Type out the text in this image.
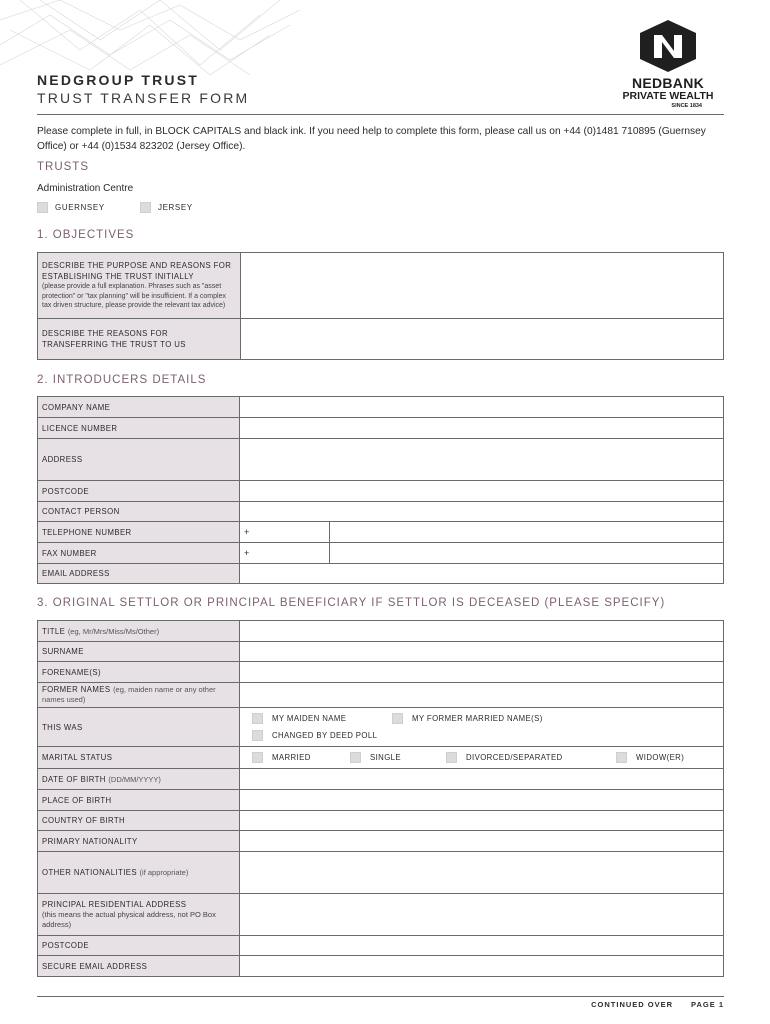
NEDBANK
PRIVATE WEALTH
SINCE 1834
NEDGROUP TRUST
TRUST TRANSFER FORM
Please complete in full, in BLOCK CAPITALS and black ink. If you need help to complete this form, please call us on +44 (0)1481 710895 (Guernsey Office) or +44 (0)1534 823202 (Jersey Office).
TRUSTS
Administration Centre
GUERNSEY	JERSEY
1. OBJECTIVES
DESCRIBE THE PURPOSE AND REASONS FOR ESTABLISHING THE TRUST INITIALLY
(please provide a full explanation. Phrases such as "asset protection" or "tax planning" will be insufficient. If a complex tax driven structure, please provide the relevant tax advice)	

DESCRIBE THE REASONS FOR TRANSFERRING THE TRUST TO US	

2. INTRODUCERS DETAILS
COMPANY NAME		
LICENCE NUMBER		
ADDRESS		
POSTCODE		
CONTACT PERSON		
TELEPHONE NUMBER	+	
FAX NUMBER	+	
EMAIL ADDRESS		
3. ORIGINAL SETTLOR OR PRINCIPAL BENEFICIARY IF SETTLOR IS DECEASED (PLEASE SPECIFY)
TITLE (eg, Mr/Mrs/Miss/Ms/Other)	
SURNAME	
FORENAME(S)	
FORMER NAMES (eg, maiden name or any other names used)	
THIS WAS	MY MAIDEN NAME MY FORMER MARRIED NAME(S)
CHANGED BY DEED POLL

MARITAL STATUS	MARRIED SINGLE DIVORCED/SEPARATED WIDOW(ER)

DATE OF BIRTH (DD/MM/YYYY)	
PLACE OF BIRTH	
COUNTRY OF BIRTH	
PRIMARY NATIONALITY	
OTHER NATIONALITIES (if appropriate)	

PRINCIPAL RESIDENTIAL ADDRESS
(this means the actual physical address, not PO Box address)	

POSTCODE	
SECURE EMAIL ADDRESS	
CONTINUED OVER PAGE 1
